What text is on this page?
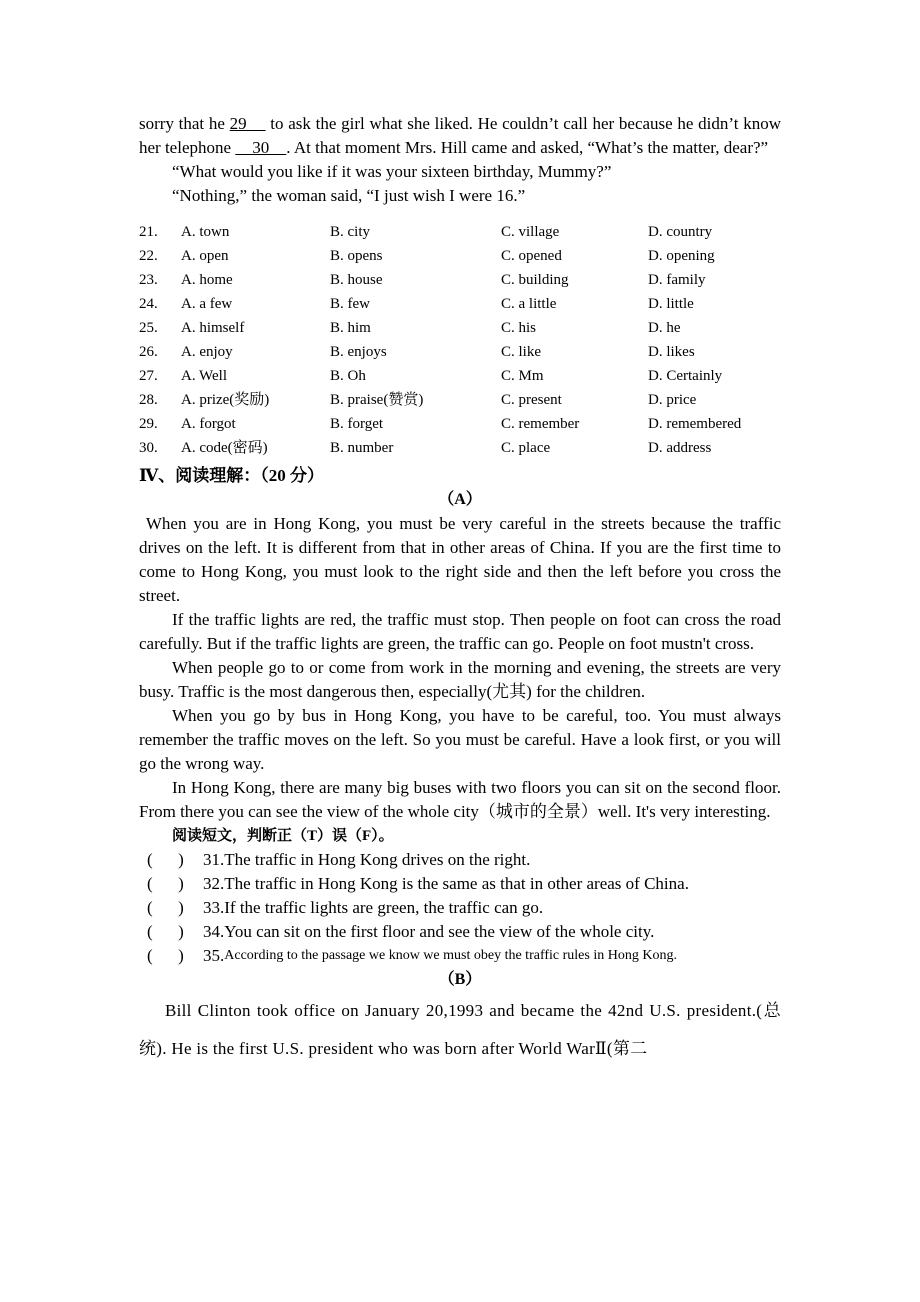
sorry that he 29     to ask the girl what she liked. He couldn’t call her because he didn’t know her telephone     30    . At that moment Mrs. Hill came and asked, “What’s the matter, dear?”

“What would you like if it was your sixteen birthday, Mummy?”

“Nothing,” the woman said, “I just wish I were 16.”

21.	A. town	B. city	C. village	D. country
22.	A. open	B. opens	C. opened	D. opening
23.	A. home	B. house	C. building	D. family
24.	A. a few	B. few	C. a little	D. little
25.	A. himself	B. him	C. his	D. he
26.	A. enjoy	B. enjoys	C. like	D. likes
27.	A. Well	B. Oh	C. Mm	D. Certainly
28.	A. prize(奖励)	B. praise(赞赏)	C. present	D. price
29.	A. forgot	B. forget	C. remember	D. remembered
30.	A. code(密码)	B. number	C. place	D. address
Ⅳ、阅读理解：（20 分）
（A）

When you are in Hong Kong, you must be very careful in the streets because the traffic drives on the left. It is different from that in other areas of China. If you are the first time to come to Hong Kong, you must look to the right side and then the left before you cross the street.

If the traffic lights are red, the traffic must stop. Then people on foot can cross the road carefully. But if the traffic lights are green, the traffic can go. People on foot mustn't cross.

When people go to or come from work in the morning and evening, the streets are very busy. Traffic is the most dangerous then, especially(尤其) for the children.

When you go by bus in Hong Kong, you have to be careful, too. You must always remember the traffic moves on the left. So you must be careful. Have a look first, or you will go the wrong way.

In Hong Kong, there are many big buses with two floors you can sit on the second floor. From there you can see the view of the whole city（城市的全景）well. It's very interesting.

阅读短文，判断正（T）误（F）。

(      )	31.The traffic in Hong Kong drives on the right.
(      )	32.The traffic in Hong Kong is the same as that in other areas of China.
(      )	33.If the traffic lights are green, the traffic can go.
(      )	34.You can sit on the first floor and see the view of the whole city.
(      )	35. According to the passage we know we must obey the traffic rules in Hong Kong.
（B）

Bill Clinton took office on January 20,1993 and became the 42nd U.S. president.(总统). He is the first U.S. president who was born after World WarⅡ(第二
